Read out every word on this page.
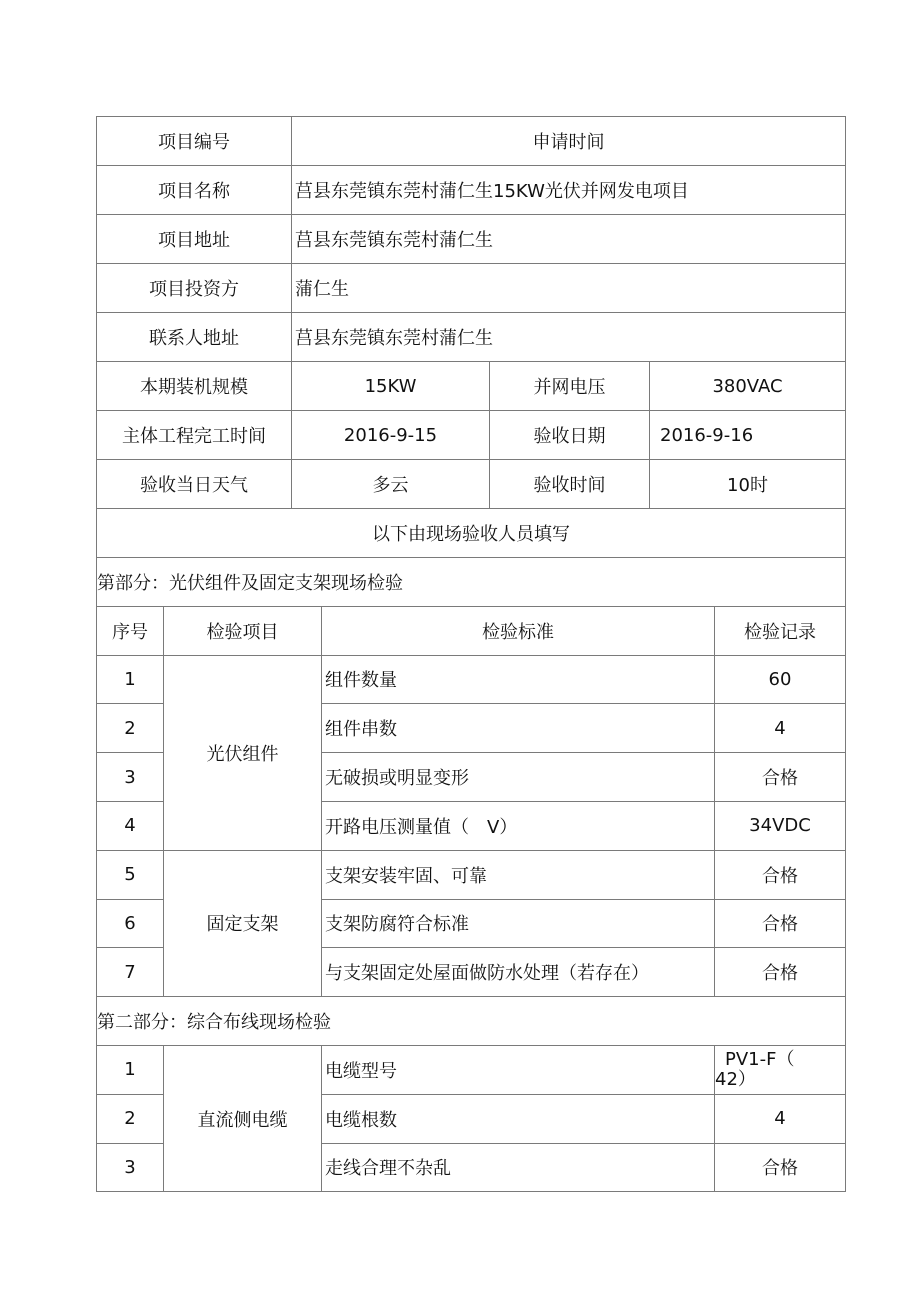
项目编号	申请时间		
项目名称	莒县东莞镇东莞村蒲仁生15KW光伏并网发电项目		
项目地址	莒县东莞镇东莞村蒲仁生		
项目投资方	蒲仁生		
联系人地址	莒县东莞镇东莞村蒲仁生		
本期装机规模	15KW	并网电压	380VAC
主体工程完工时间	2016-9-15	验收日期	2016-9-16
验收当日天气	多云	验收时间	10时
以下由现场验收人员填写			
第部分：光伏组件及固定支架现场检验			
序号	检验项目	检验标准	检验记录
1	光伏组件	组件数量	60
2		组件串数	4
3		无破损或明显变形	合格
4		开路电压测量值（　V）	34VDC
5	固定支架	支架安装牢固、可靠	合格
6		支架防腐符合标准	合格
7		与支架固定处屋面做防水处理（若存在）	合格
第二部分：综合布线现场检验			
1	直流侧电缆	电缆型号	PV1-F（
42）

2		电缆根数	4
3		走线合理不杂乱	合格
